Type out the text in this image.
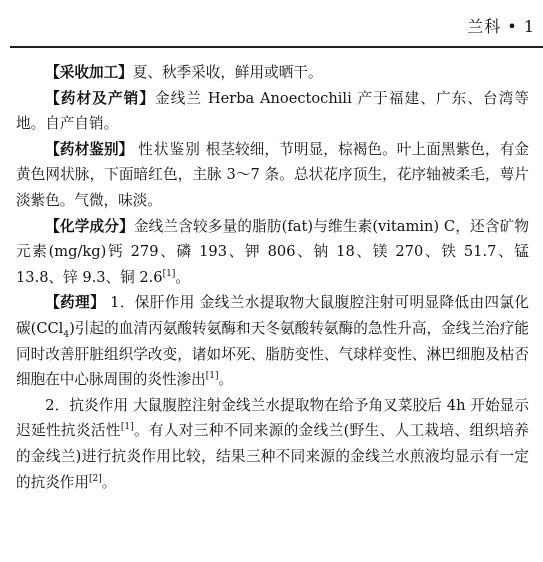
兰科 • 1

【采收加工】夏、秋季采收，鲜用或晒干。

【药材及产销】金线兰 Herba Anoectochili 产于福建、广东、台湾等地。自产自销。

【药材鉴别】 性状鉴别 根茎较细，节明显，棕褐色。叶上面黑紫色，有金黄色网状脉，下面暗红色，主脉 3～7 条。总状花序顶生，花序轴被柔毛，萼片淡紫色。气微，味淡。

【化学成分】金线兰含较多量的脂肪(fat)与维生素(vitamin) C，还含矿物元素(mg/kg)钙 279、磷 193、钾 806、钠 18、镁 270、铁 51.7、锰 13.8、锌 9.3、铜 2.6[1]。

【药理】 1．保肝作用 金线兰水提取物大鼠腹腔注射可明显降低由四氯化碳(CCl$_4$)引起的血清丙氨酸转氨酶和天冬氨酸转氨酶的急性升高，金线兰治疗能同时改善肝脏组织学改变，诸如坏死、脂肪变性、气球样变性、淋巴细胞及枯否细胞在中心脉周围的炎性渗出[1]。

2．抗炎作用 大鼠腹腔注射金线兰水提取物在给予角叉菜胶后 4h 开始显示迟延性抗炎活性[1]。有人对三种不同来源的金线兰(野生、人工栽培、组织培养的金线兰)进行抗炎作用比较，结果三种不同来源的金线兰水煎液均显示有一定的抗炎作用[2]。
